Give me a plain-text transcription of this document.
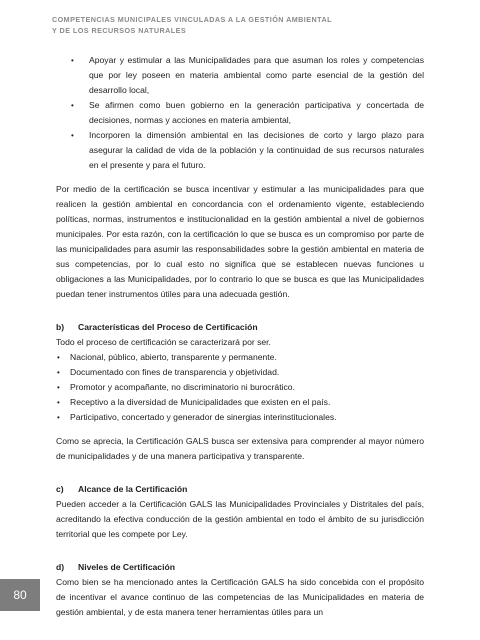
COMPETENCIAS MUNICIPALES VINCULADAS A LA GESTIÓN AMBIENTAL
Y DE LOS RECURSOS NATURALES
• Apoyar y estimular a las Municipalidades para que asuman los roles y competencias que por ley poseen en materia ambiental como parte esencial de la gestión del desarrollo local,
• Se afirmen como buen gobierno en la generación participativa y concertada de decisiones, normas y acciones en materia ambiental,
• Incorporen la dimensión ambiental en las decisiones de corto y largo plazo para asegurar la calidad de vida de la población y la continuidad de sus recursos naturales en el presente y para el futuro.

Por medio de la certificación se busca incentivar y estimular a las municipalidades para que realicen la gestión ambiental en concordancia con el ordenamiento vigente, estableciendo políticas, normas, instrumentos e institucionalidad en la gestión ambiental a nivel de gobiernos municipales. Por esta razón, con la certificación lo que se busca es un compromiso por parte de las municipalidades para asumir las responsabilidades sobre la gestión ambiental en materia de sus competencias, por lo cual esto no significa que se establecen nuevas funciones u obligaciones a las Municipalidades, por lo contrario lo que se busca es que las Municipalidades puedan tener instrumentos útiles para una adecuada gestión.

b) Características del Proceso de Certificación

Todo el proceso de certificación se caracterizará por ser.

• Nacional, público, abierto, transparente y permanente.
• Documentado con fines de transparencia y objetividad.
• Promotor y acompañante, no discriminatorio ni burocrático.
• Receptivo a la diversidad de Municipalidades que existen en el país.
• Participativo, concertado y generador de sinergias interinstitucionales.

Como se aprecia, la Certificación GALS busca ser extensiva para comprender al mayor número de municipalidades y de una manera participativa y transparente.

c) Alcance de la Certificación

Pueden acceder a la Certificación GALS las Municipalidades Provinciales y Distritales del país, acreditando la efectiva conducción de la gestión ambiental en todo el ámbito de su jurisdicción territorial que les compete por Ley.

d) Niveles de Certificación

Como bien se ha mencionado antes la Certificación GALS ha sido concebida con el propósito de incentivar el avance continuo de las competencias de las Municipalidades en materia de gestión ambiental, y de esta manera tener herramientas útiles para un

80
